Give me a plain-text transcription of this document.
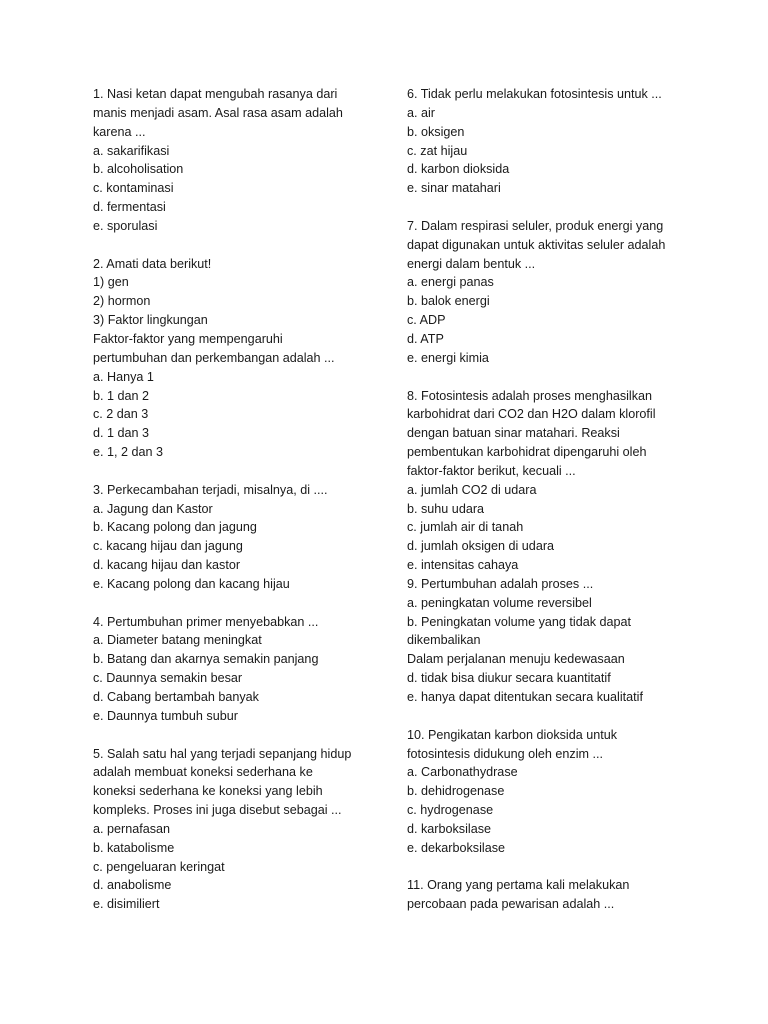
1. Nasi ketan dapat mengubah rasanya dari
manis menjadi asam. Asal rasa asam adalah
karena ...
a. sakarifikasi
b. alcoholisation
c. kontaminasi
d. fermentasi
e. sporulasi
2. Amati data berikut!
1) gen
2) hormon
3) Faktor lingkungan
Faktor-faktor yang mempengaruhi
pertumbuhan dan perkembangan adalah ...
a. Hanya 1
b. 1 dan 2
c. 2 dan 3
d. 1 dan 3
e. 1, 2 dan 3
3. Perkecambahan terjadi, misalnya, di ....
a. Jagung dan Kastor
b. Kacang polong dan jagung
c. kacang hijau dan jagung
d. kacang hijau dan kastor
e. Kacang polong dan kacang hijau
4. Pertumbuhan primer menyebabkan ...
a. Diameter batang meningkat
b. Batang dan akarnya semakin panjang
c. Daunnya semakin besar
d. Cabang bertambah banyak
e. Daunnya tumbuh subur
5. Salah satu hal yang terjadi sepanjang hidup
adalah membuat koneksi sederhana ke
koneksi sederhana ke koneksi yang lebih
kompleks. Proses ini juga disebut sebagai ...
a. pernafasan
b. katabolisme
c. pengeluaran keringat
d. anabolisme
e. disimiliert
6. Tidak perlu melakukan fotosintesis untuk ...
a. air
b. oksigen
c. zat hijau
d. karbon dioksida
e. sinar matahari
7. Dalam respirasi seluler, produk energi yang
dapat digunakan untuk aktivitas seluler adalah
energi dalam bentuk ...
a. energi panas
b. balok energi
c. ADP
d. ATP
e. energi kimia
8. Fotosintesis adalah proses menghasilkan
karbohidrat dari CO2 dan H2O dalam klorofil
dengan batuan sinar matahari. Reaksi
pembentukan karbohidrat dipengaruhi oleh
faktor-faktor berikut, kecuali ...
a. jumlah CO2 di udara
b. suhu udara
c. jumlah air di tanah
d. jumlah oksigen di udara
e. intensitas cahaya
9. Pertumbuhan adalah proses ...
a. peningkatan volume reversibel
b. Peningkatan volume yang tidak dapat
dikembalikan
Dalam perjalanan menuju kedewasaan
d. tidak bisa diukur secara kuantitatif
e. hanya dapat ditentukan secara kualitatif
10. Pengikatan karbon dioksida untuk
fotosintesis didukung oleh enzim ...
a. Carbonathydrase
b. dehidrogenase
c. hydrogenase
d. karboksilase
e. dekarboksilase
11. Orang yang pertama kali melakukan
percobaan pada pewarisan adalah ...
